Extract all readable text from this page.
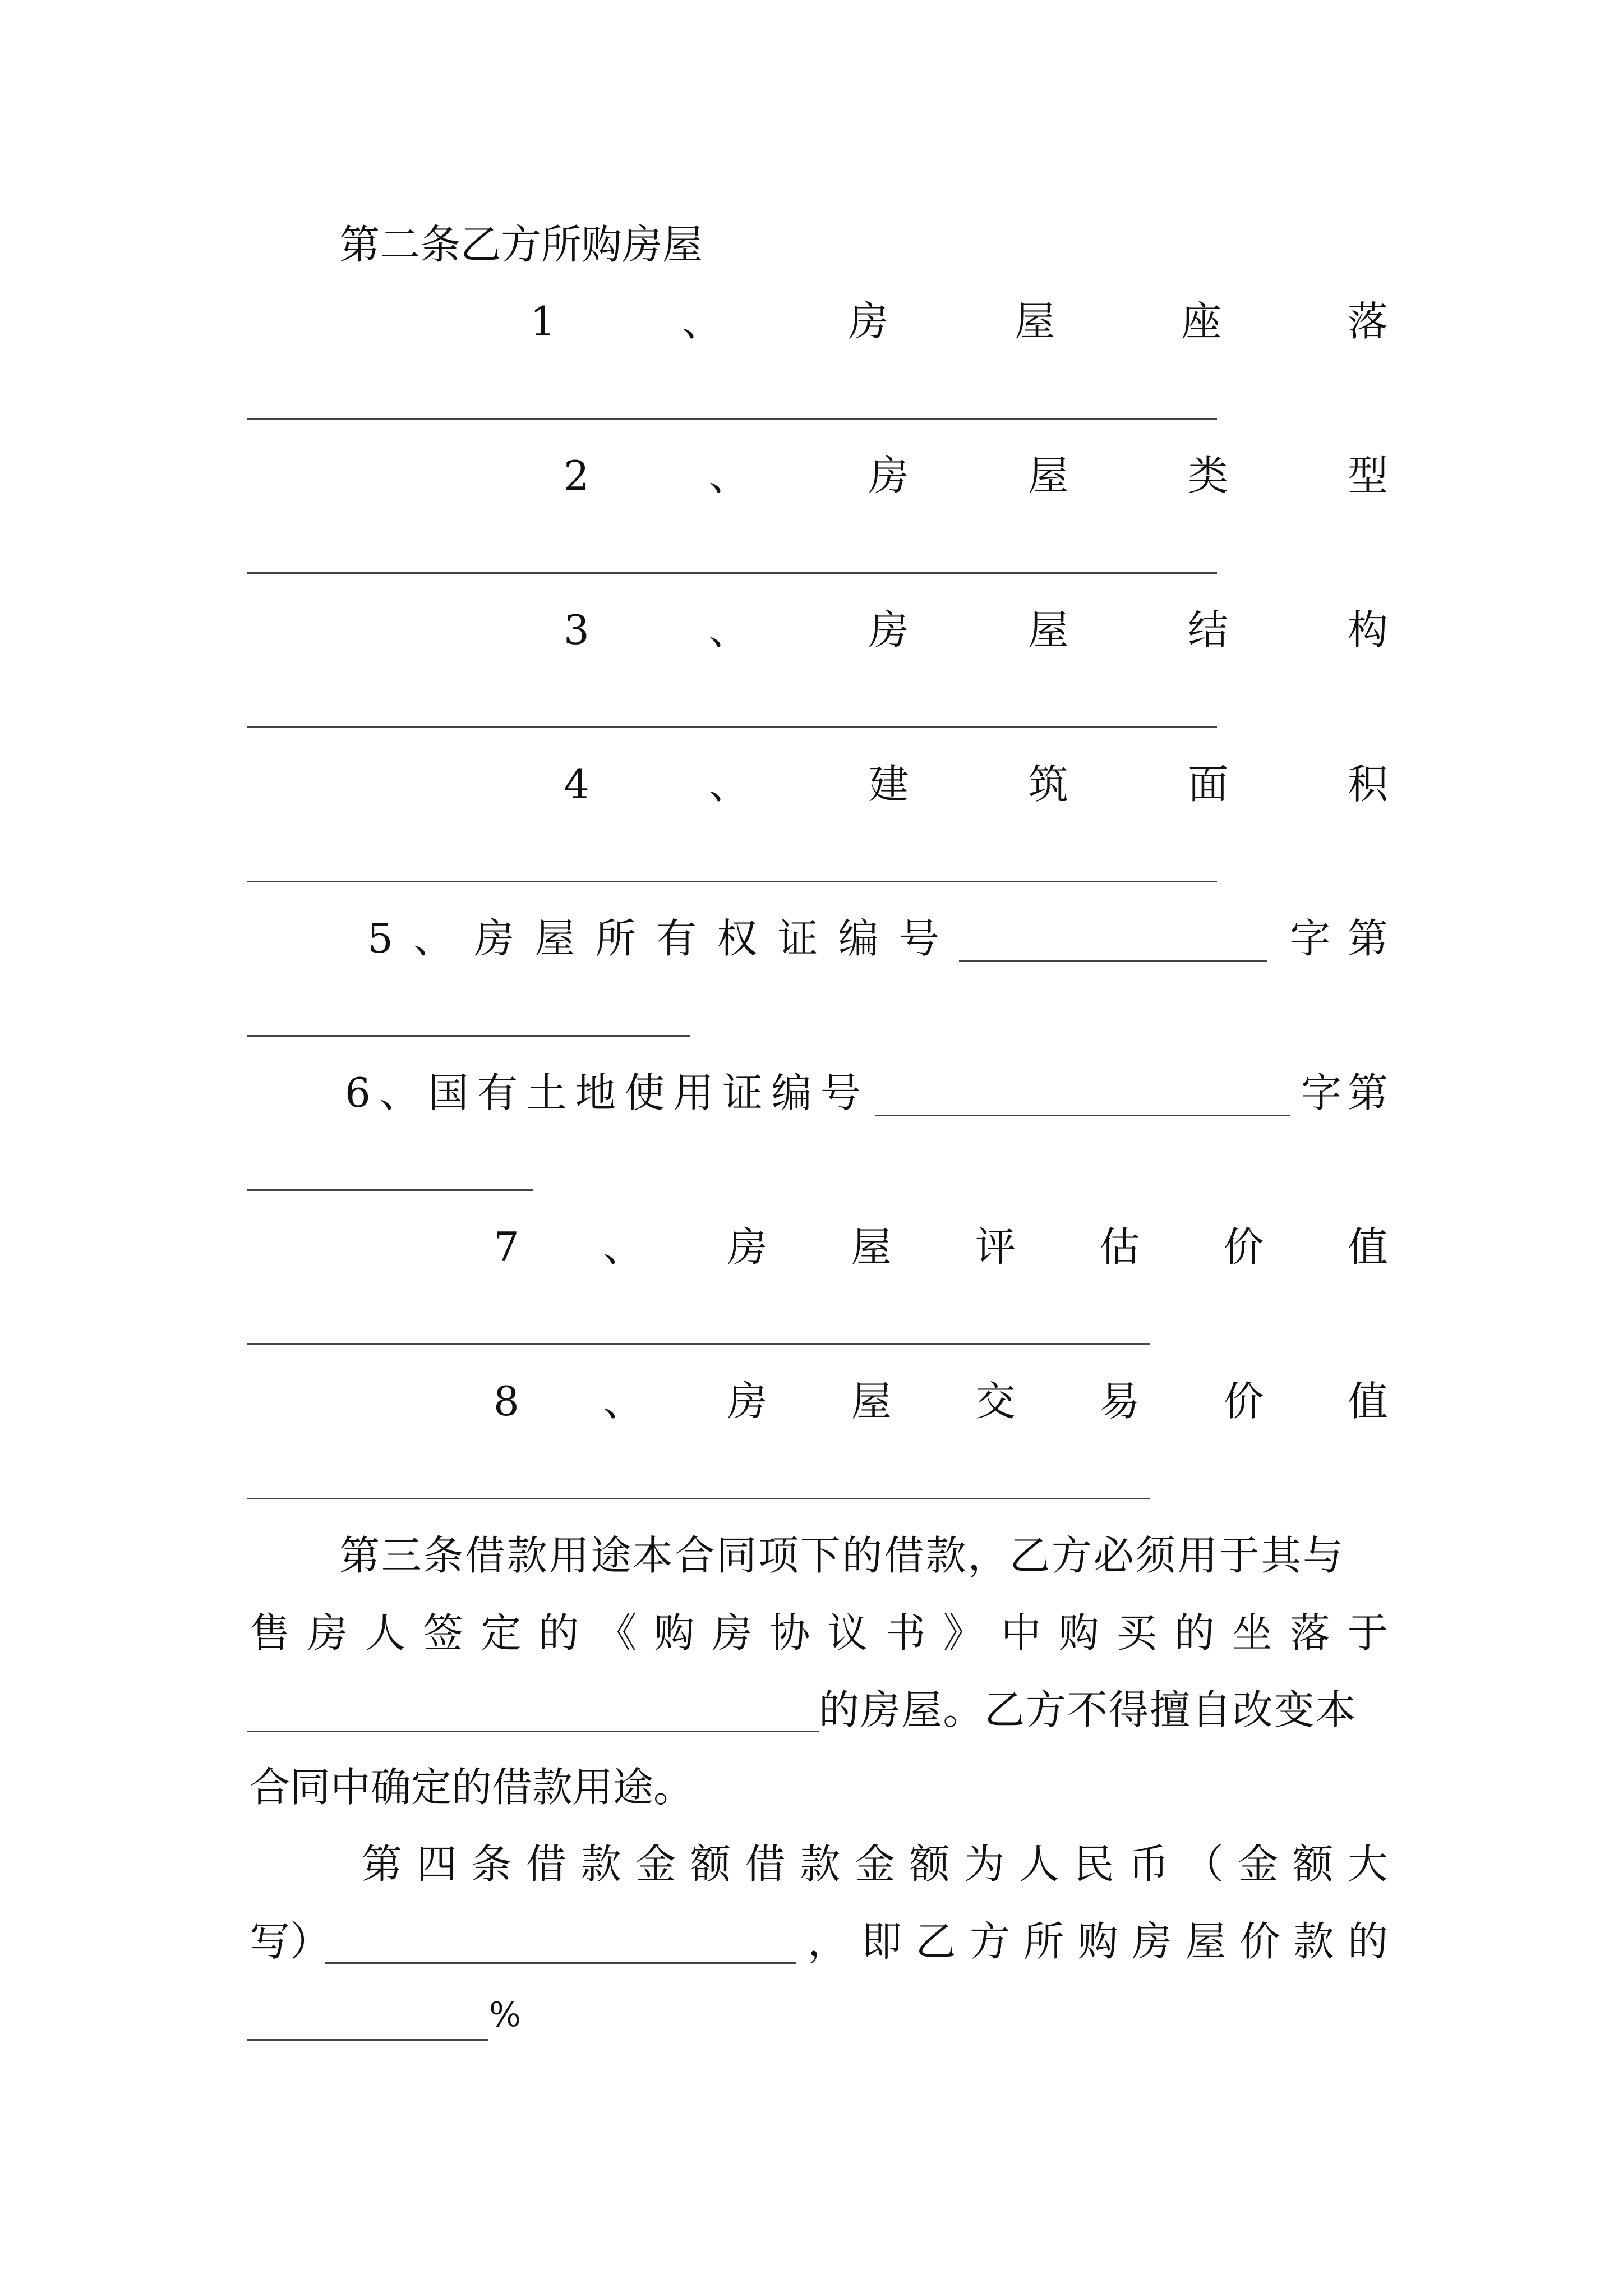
第二条乙方所购房屋
1	、	房	屋	座	落
2	、	房	屋	类	型
3	、	房	屋	结	构
4	、	建	筑	面	积
5 、 房 屋 所 有 权 证 编 号	字 第
6 、 国 有 土 地 使 用 证 编 号	字 第
7 、 房 屋 评 估 价 值
8 、 房 屋 交 易 价 值
第三条借款用途本合同项下的借款，乙方必须用于其与
售 房 人 签 定 的 《 购 房 协 议 书 》 中 购 买 的 坐 落 于
的房屋。乙方不得擅自改变本
合同中确定的借款用途。
第 四 条 借 款 金 额 借 款 金 额 为 人 民 币 （ 金 额 大
写）	， 即 乙 方 所 购 房 屋 价 款 的
%
